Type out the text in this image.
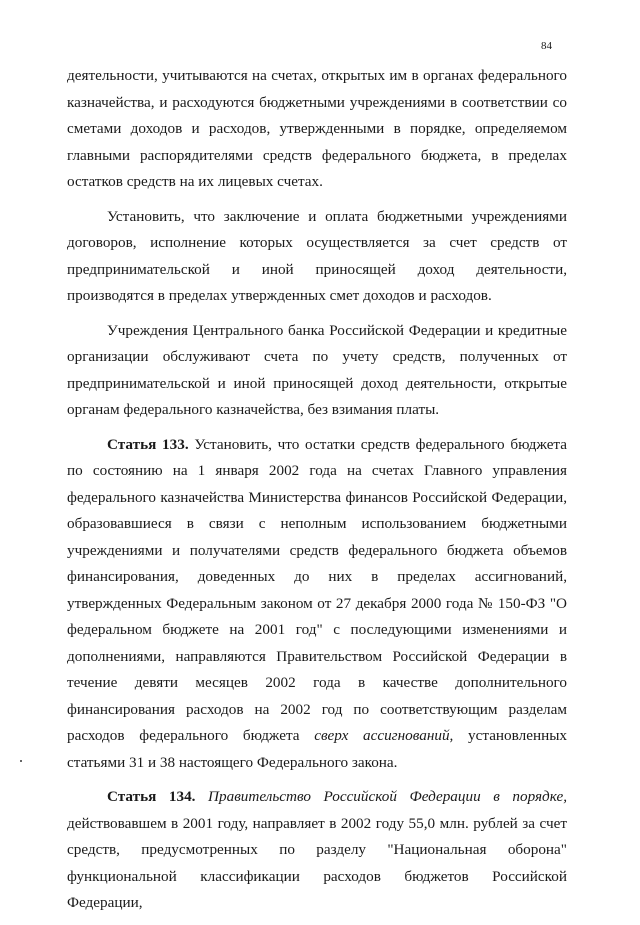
84

деятельности, учитываются на счетах, открытых им в органах федерального казначейства, и расходуются бюджетными учреждениями в соответствии со сметами доходов и расходов, утвержденными в порядке, определяемом главными распорядителями средств федерального бюджета, в пределах остатков средств на их лицевых счетах.

Установить, что заключение и оплата бюджетными учреждениями договоров, исполнение которых осуществляется за счет средств от предпринимательской и иной приносящей доход деятельности, производятся в пределах утвержденных смет доходов и расходов.

Учреждения Центрального банка Российской Федерации и кредитные организации обслуживают счета по учету средств, полученных от предпринимательской и иной приносящей доход деятельности, открытые органам федерального казначейства, без взимания платы.

Статья 133. Установить, что остатки средств федерального бюджета по состоянию на 1 января 2002 года на счетах Главного управления федерального казначейства Министерства финансов Российской Федерации, образовавшиеся в связи с неполным использованием бюджетными учреждениями и получателями средств федерального бюджета объемов финансирования, доведенных до них в пределах ассигнований, утвержденных Федеральным законом от 27 декабря 2000 года № 150-ФЗ "О федеральном бюджете на 2001 год" с последующими изменениями и дополнениями, направляются Правительством Российской Федерации в течение девяти месяцев 2002 года в качестве дополнительного финансирования расходов на 2002 год по соответствующим разделам расходов федерального бюджета сверх ассигнований, установленных статьями 31 и 38 настоящего Федерального закона.

Статья 134. Правительство Российской Федерации в порядке, действовавшем в 2001 году, направляет в 2002 году 55,0 млн. рублей за счет средств, предусмотренных по разделу "Национальная оборона" функциональной классификации расходов бюджетов Российской Федерации,
